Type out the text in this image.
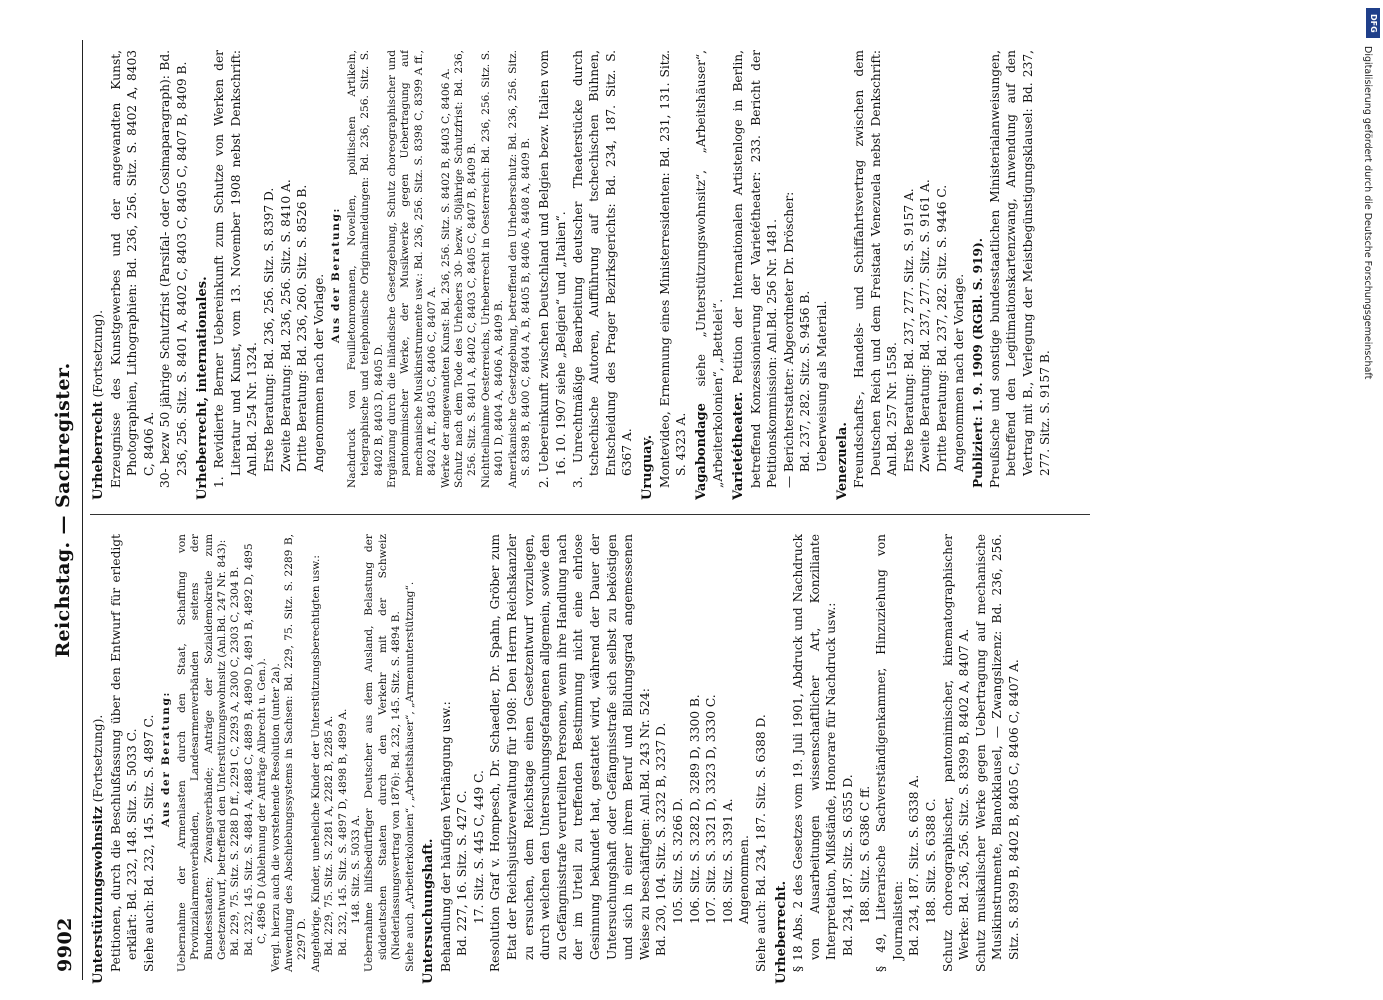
9902
Reichstag. — Sachregister.

Unterstützungswohnsitz (Fortsetzung). Petitionen, durch die Beschlußfassung über den Entwurf für erledigt erklärt: Bd. 232, 148. Sitz. S. 5033 C. Siehe auch: Bd. 232, 145. Sitz. S. 4897 C. Aus der Beratung: Uebernahme der Armenlasten durch den Staat, Schaffung von Provinzialarmenverbänden, Landesarmenverbänden seitens der Bundesstaaten; Zwangsverbände; Anträge der Sozialdemokratie zum Gesetzentwurf, betreffend den Unterstützungswohnsitz (Anl.Bd. 247 Nr. 843): Bd. 229, 75. Sitz. S. 2288 D ff., 2291 C, 2293 A, 2300 C, 2303 C, 2304 B. Bd. 232, 145. Sitz. S. 4884 A, 4888 C, 4889 B, 4890 D, 4891 B, 4892 D, 4895 C, 4896 D (Ablehnung der Anträge Albrecht u. Gen.). Vergl. hierzu auch die vorstehende Resolution (unter 2a). Anwendung des Abschiebungssystems in Sachsen: Bd. 229, 75. Sitz. S. 2289 B, 2297 D. Angehörige, Kinder, uneheliche Kinder der Unterstützungsberechtigten usw.: Bd. 229, 75. Sitz. S. 2281 A, 2282 B, 2285 A. Bd. 232, 145. Sitz. S. 4897 D, 4898 B, 4899 A. 148. Sitz. S. 5033 A. Uebernahme hilfsbedürftiger Deutscher aus dem Ausland, Belastung der süddeutschen Staaten durch den Verkehr mit der Schweiz (Niederlassungsvertrag von 1876): Bd. 232, 145. Sitz. S. 4894 B. Siehe auch „Arbeiterkolonien“, „Arbeitshäuser“, „Armenunterstützung“. Untersuchungshaft. Behandlung der häufigen Verhängung usw.: Bd. 227, 16. Sitz. S. 427 C. 17. Sitz. S. 445 C, 449 C. Resolution Graf v. Hompesch, Dr. Schaedler, Dr. Spahn, Gröber zum Etat der Reichsjustizverwaltung für 1908: Den Herrn Reichskanzler zu ersuchen, dem Reichstage einen Gesetzentwurf vorzulegen, durch welchen den Untersuchungsgefangenen allgemein, sowie den zu Gefängnisstrafe verurteilten Personen, wenn ihre Handlung nach der im Urteil zu treffenden Bestimmung nicht eine ehrlose Gesinnung bekundet hat, gestattet wird, während der Dauer der Untersuchungshaft oder Gefängnisstrafe sich selbst zu beköstigen und sich in einer ihrem Beruf und Bildungsgrad angemessenen Weise zu beschäftigen: Anl.Bd. 243 Nr. 524: Bd. 230, 104. Sitz. S. 3232 B, 3237 D. 105. Sitz. S. 3266 D. 106. Sitz. S. 3282 D, 3289 D, 3300 B. 107. Sitz. S. 3321 D, 3323 D, 3330 C. 108. Sitz. S. 3391 A. Angenommen. Siehe auch: Bd. 234, 187. Sitz. S. 6388 D. Urheberrecht. § 18 Abs. 2 des Gesetzes vom 19. Juli 1901, Abdruck und Nachdruck von Ausarbeitungen wissenschaftlicher Art, Konziliante Interpretation, Mißstände, Honorare für Nachdruck usw.: Bd. 234, 187. Sitz. S. 6355 D. 188. Sitz. S. 6386 C ff. § 49, Literarische Sachverständigenkammer, Hinzuziehung von Journalisten: Bd. 234, 187. Sitz. S. 6338 A. 188. Sitz. S. 6388 C. Schutz choreographischer, pantomimischer, kinematographischer Werke: Bd. 236, 256. Sitz. S. 8399 B, 8402 A, 8407 A. Schutz musikalischer Werke gegen Uebertragung auf mechanische Musikinstrumente, Blanokklausel, — Zwangslizenz: Bd. 236, 256. Sitz. S. 8399 B, 8402 B, 8405 C, 8406 C, 8407 A.

Urheberrecht (Fortsetzung). Erzeugnisse des Kunstgewerbes und der angewandten Kunst, Photographien, Lithographien: Bd. 236, 256. Sitz. S. 8402 A, 8403 C, 8406 A. 30- bezw 50 jährige Schutzfrist (Parsifal- oder Cosimaparagraph): Bd. 236, 256. Sitz. S. 8401 A, 8402 C, 8403 C, 8405 C, 8407 B, 8409 B. Urheberrecht, internationales. 1. Revidierte Berner Uebereinkunft zum Schutze von Werken der Literatur und Kunst, vom 13. November 1908 nebst Denkschrift: Anl.Bd. 254 Nr. 1324. Erste Beratung: Bd. 236, 256. Sitz. S. 8397 D. Zweite Beratung: Bd. 236, 256. Sitz. S. 8410 A. Dritte Beratung: Bd. 236, 260. Sitz. S. 8526 B. Angenommen nach der Vorlage. Aus der Beratung: Nachdruck von Feuilletonromanen, Novellen, politischen Artikeln, telegraphische und telephonische Originalmeldungen: Bd. 236, 256. Sitz. S. 8402 B, 8403 D, 8405 D. Ergänzung durch die inländische Gesetzgebung, Schutz choreographischer und pantomimischer Werke, der Musikwerke gegen Uebertragung auf mechanische Musikinstrumente usw.: Bd. 236, 256. Sitz. S. 8398 C, 8399 A ff., 8402 A ff., 8405 C, 8406 C, 8407 A. Werke der angewandten Kunst: Bd. 236, 256. Sitz. S. 8402 B, 8403 C, 8406 A. Schutz nach dem Tode des Urhebers 30- bezw. 50jährige Schutzfrist: Bd. 236, 256. Sitz. S. 8401 A, 8402 C, 8403 C, 8405 C, 8407 B, 8409 B. Nichtteilnahme Oesterreichs, Urheberrecht in Oesterreich: Bd. 236, 256. Sitz. S. 8401 D, 8404 A, 8406 A, 8409 B. Amerikanische Gesetzgebung, betreffend den Urheberschutz: Bd. 236, 256. Sitz. S. 8398 B, 8400 C, 8404 A, B, 8405 B, 8406 A, 8408 A, 8409 B. 2. Uebereinkunft zwischen Deutschland und Belgien bezw. Italien vom 16. 10. 1907 siehe „Belgien“ und „Italien“. 3. Unrechtmäßige Bearbeitung deutscher Theaterstücke durch tschechische Autoren, Aufführung auf tschechischen Bühnen, Entscheidung des Prager Bezirksgerichts: Bd. 234, 187. Sitz. S. 6367 A. Uruguay. Montevideo, Ernennung eines Ministerresidenten: Bd. 231, 131. Sitz. S. 4323 A. Vagabondage siehe „Unterstützungswohnsitz“, „Arbeitshäuser“, „Arbeiterkolonien“, „Bettelei“. Varietétheater. Petition der Internationalen Artistenloge in Berlin, betreffend Konzessionierung der Varietétheater: 233. Bericht der Petitionskommission: Anl.Bd. 256 Nr. 1481. — Berichterstatter: Abgeordneter Dr. Dröscher: Bd. 237, 282. Sitz. S. 9456 B. Ueberweisung als Material. Venezuela. Freundschafts-, Handels- und Schiffahrtsvertrag zwischen dem Deutschen Reich und dem Freistaat Venezuela nebst Denkschrift: Anl.Bd. 257 Nr. 1558. Erste Beratung: Bd. 237, 277. Sitz. S. 9157 A. Zweite Beratung: Bd. 237, 277. Sitz. S. 9161 A. Dritte Beratung: Bd. 237, 282. Sitz. S. 9446 C. Angenommen nach der Vorlage. Publiziert: 1. 9. 1909 (RGBl. S. 919). Preußische und sonstige bundesstaatlichen Ministerialanweisungen, betreffend den Legitimationskartenzwang, Anwendung auf den Vertrag mit B., Verlegung der Meistbegünstigungsklausel: Bd. 237, 277. Sitz. S. 9157 B.

DFG
Digitalisierung gefördert durch die Deutsche Forschungsgemeinschaft
